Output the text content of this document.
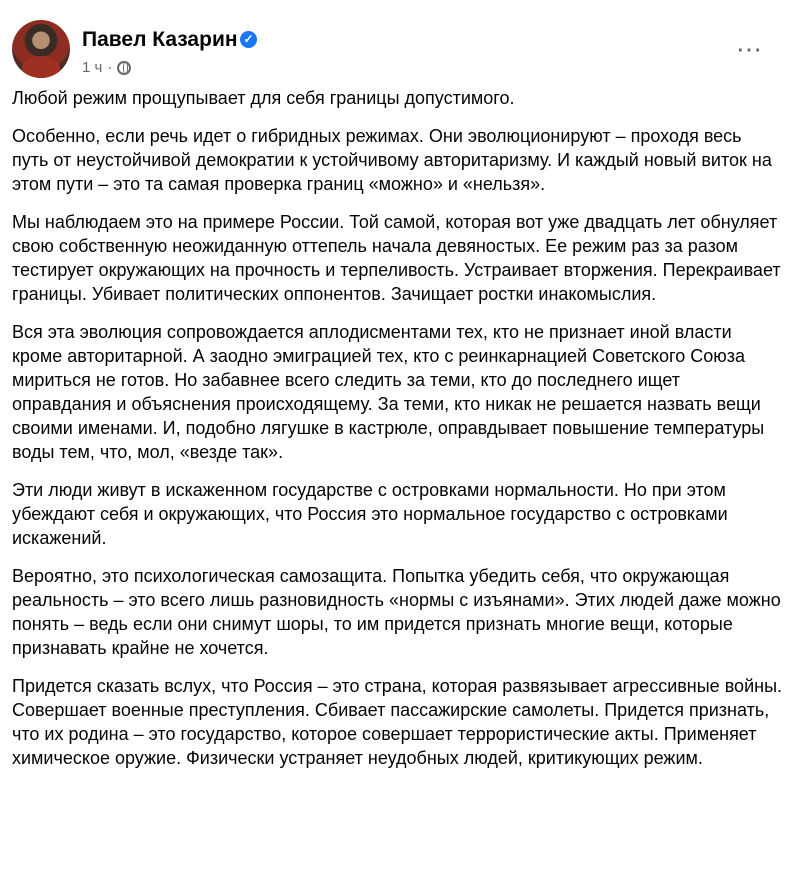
Павел Казарин ✓
1 ч ·
⋯

Любой режим прощупывает для себя границы допустимого.

Особенно, если речь идет о гибридных режимах. Они эволюционируют – проходя весь путь от неустойчивой демократии к устойчивому авторитаризму. И каждый новый виток на этом пути – это та самая проверка границ «можно» и «нельзя».

Мы наблюдаем это на примере России. Той самой, которая вот уже двадцать лет обнуляет свою собственную неожиданную оттепель начала девяностых. Ее режим раз за разом тестирует окружающих на прочность и терпеливость. Устраивает вторжения. Перекраивает границы. Убивает политических оппонентов. Зачищает ростки инакомыслия.

Вся эта эволюция сопровождается аплодисментами тех, кто не признает иной власти кроме авторитарной. А заодно эмиграцией тех, кто с реинкарнацией Советского Союза мириться не готов. Но забавнее всего следить за теми, кто до последнего ищет оправдания и объяснения происходящему. За теми, кто никак не решается назвать вещи своими именами. И, подобно лягушке в кастрюле, оправдывает повышение температуры воды тем, что, мол, «везде так».

Эти люди живут в искаженном государстве с островками нормальности. Но при этом убеждают себя и окружающих, что Россия это нормальное государство с островками искажений.

Вероятно, это психологическая самозащита. Попытка убедить себя, что окружающая реальность – это всего лишь разновидность «нормы с изъянами». Этих людей даже можно понять – ведь если они снимут шоры, то им придется признать многие вещи, которые признавать крайне не хочется.

Придется сказать вслух, что Россия – это страна, которая развязывает агрессивные войны. Совершает военные преступления. Сбивает пассажирские самолеты. Придется признать, что их родина – это государство, которое совершает террористические акты. Применяет химическое оружие. Физически устраняет неудобных людей, критикующих режим.
